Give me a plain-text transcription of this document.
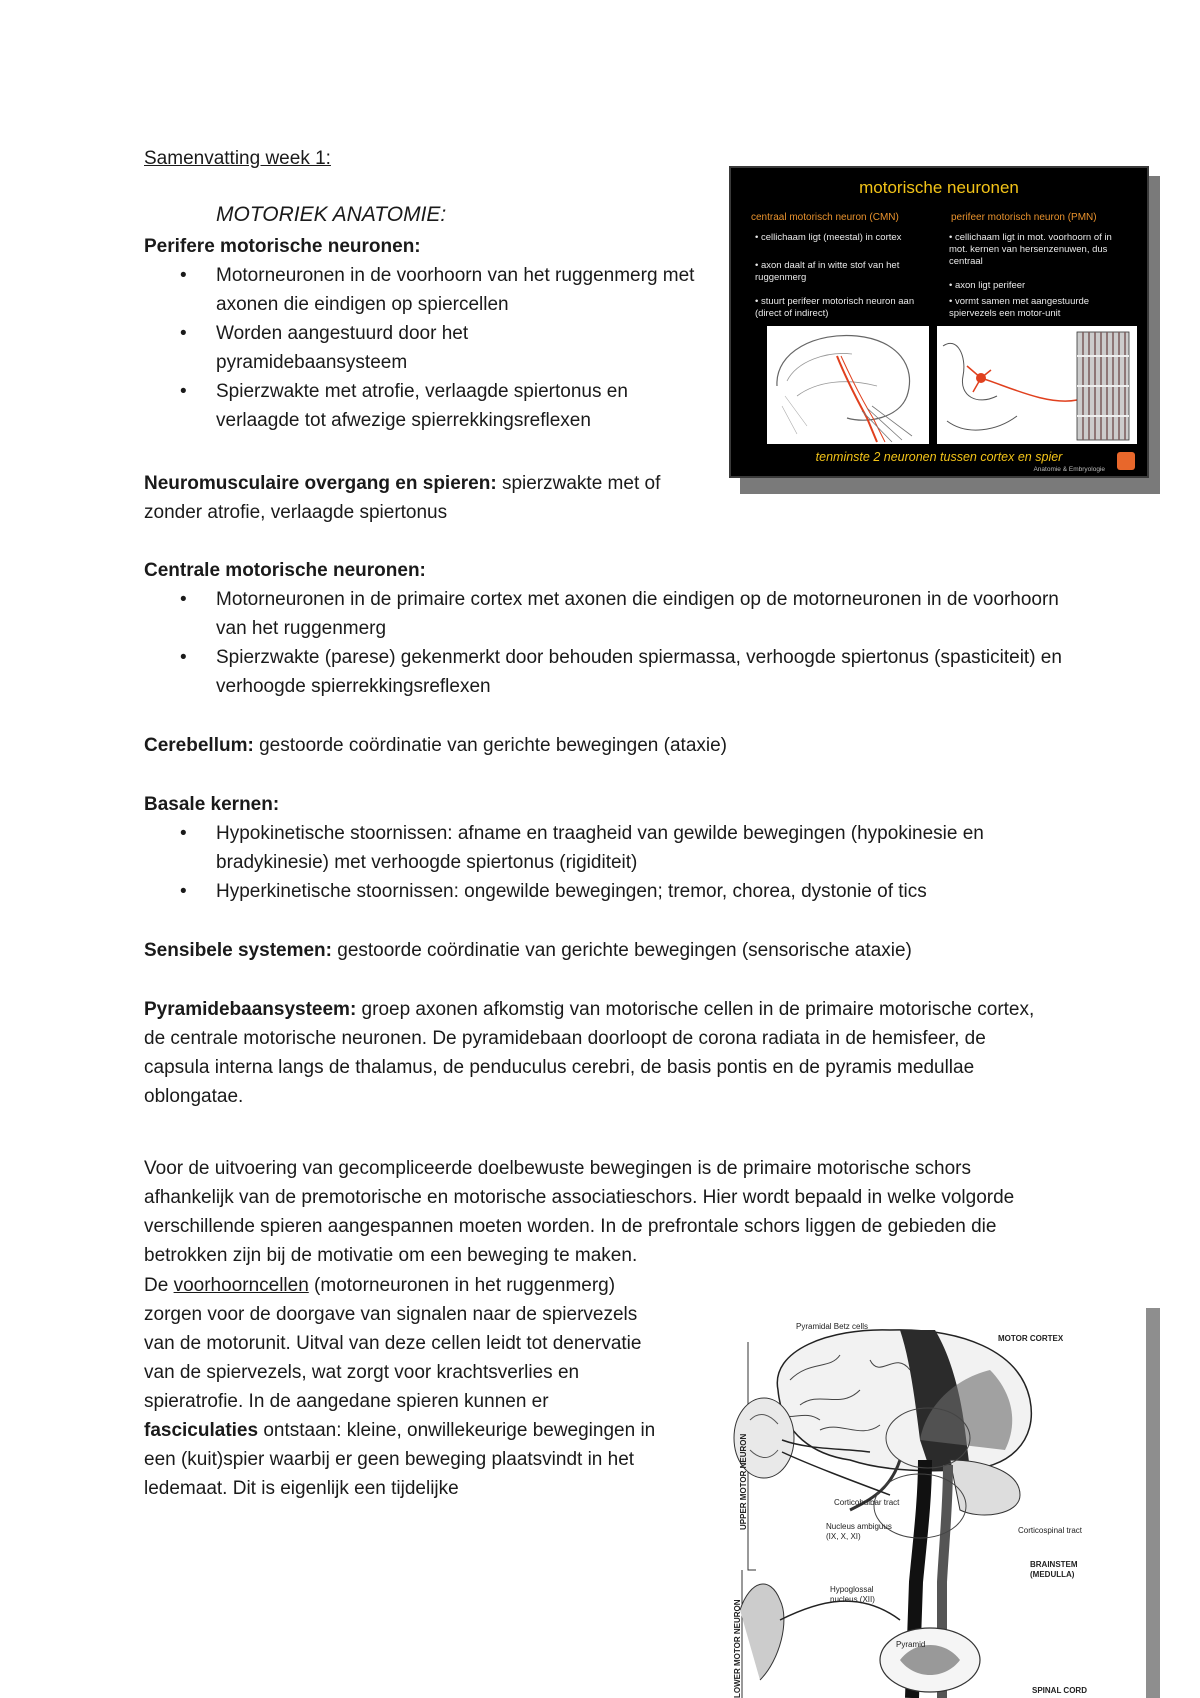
Samenvatting week 1:

MOTORIEK ANATOMIE:

Perifere motorische neuronen:

• Motorneuronen in de voorhoorn van het ruggenmerg met axonen die eindigen op spiercellen
• Worden aangestuurd door het pyramidebaansysteem
• Spierzwakte met atrofie, verlaagde spiertonus en verlaagde tot afwezige spierrekkingsreflexen

Neuromusculaire overgang en spieren: spierzwakte met of zonder atrofie, verlaagde spiertonus

Centrale motorische neuronen:

• Motorneuronen in de primaire cortex met axonen die eindigen op de motorneuronen in de voorhoorn van het ruggenmerg
• Spierzwakte (parese) gekenmerkt door behouden spiermassa, verhoogde spiertonus (spasticiteit) en verhoogde spierrekkingsreflexen

Cerebellum: gestoorde coördinatie van gerichte bewegingen (ataxie)

Basale kernen:

• Hypokinetische stoornissen: afname en traagheid van gewilde bewegingen (hypokinesie en bradykinesie) met verhoogde spiertonus (rigiditeit)
• Hyperkinetische stoornissen: ongewilde bewegingen; tremor, chorea, dystonie of tics

Sensibele systemen: gestoorde coördinatie van gerichte bewegingen (sensorische ataxie)

Pyramidebaansysteem: groep axonen afkomstig van motorische cellen in de primaire motorische cortex, de centrale motorische neuronen. De pyramidebaan doorloopt de corona radiata in de hemisfeer, de capsula interna langs de thalamus, de penduculus cerebri, de basis pontis en de pyramis medullae oblongatae.

Voor de uitvoering van gecompliceerde doelbewuste bewegingen is de primaire motorische schors afhankelijk van de premotorische en motorische associatieschors. Hier wordt bepaald in welke volgorde verschillende spieren aangespannen moeten worden. In de prefrontale schors liggen de gebieden die betrokken zijn bij de motivatie om een beweging te maken.

De voorhoorncellen (motorneuronen in het ruggenmerg) zorgen voor de doorgave van signalen naar de spiervezels van de motorunit. Uitval van deze cellen leidt tot denervatie van de spiervezels, wat zorgt voor krachtsverlies en spieratrofie. In de aangedane spieren kunnen er fasciculaties ontstaan: kleine, onwillekeurige bewegingen in een (kuit)spier waarbij er geen beweging plaatsvindt in het ledemaat. Dit is eigenlijk een tijdelijke

motorische neuronen
centraal motorisch neuron (CMN)	perifeer motorisch neuron (PMN)
• cellichaam ligt (meestal) in cortex
• axon daalt af in witte stof van het ruggenmerg
• stuurt perifeer motorisch neuron aan (direct of indirect)
• cellichaam ligt in mot. voorhoorn of in mot. kernen van hersenzenuwen, dus centraal
• axon ligt perifeer
• vormt samen met aangestuurde spiervezels een motor-unit
tenminste 2 neuronen tussen cortex en spier
Anatomie & Embryologie
Pyramidal Betz cells
MOTOR CORTEX
UPPER MOTOR NEURON
LOWER MOTOR NEURON
Corticobulbar tract
Nucleus ambiguus (IX, X, XI)
Corticospinal tract
BRAINSTEM (MEDULLA)
Hypoglossal nucleus (XII)
Pyramid
SPINAL CORD
